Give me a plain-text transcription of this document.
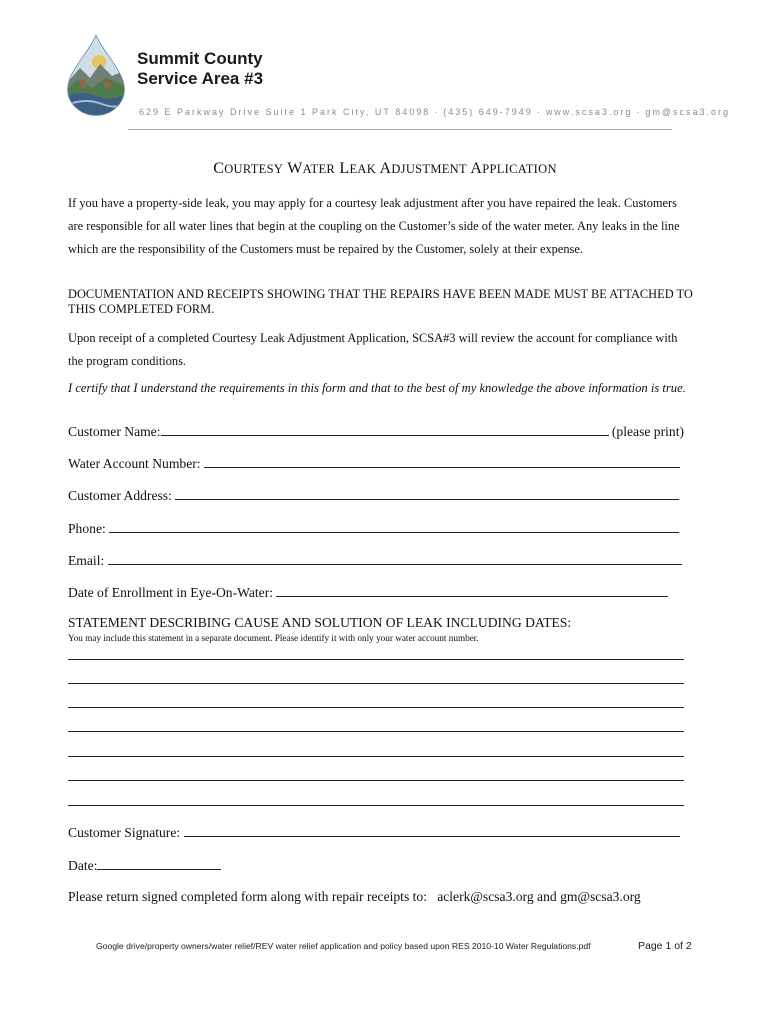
Summit County
Service Area #3
629 E Parkway Drive Suite 1 Park City, UT 84098 · (435) 649-7949 · www.scsa3.org · gm@scsa3.org
COURTESY WATER LEAK ADJUSTMENT APPLICATION
If you have a property-side leak, you may apply for a courtesy leak adjustment after you have repaired the leak. Customers are responsible for all water lines that begin at the coupling on the Customer’s side of the water meter. Any leaks in the line which are the responsibility of the Customers must be repaired by the Customer, solely at their expense.
DOCUMENTATION AND RECEIPTS SHOWING THAT THE REPAIRS HAVE BEEN MADE MUST BE ATTACHED TO THIS COMPLETED FORM.
Upon receipt of a completed Courtesy Leak Adjustment Application, SCSA#3 will review the account for compliance with the program conditions.
I certify that I understand the requirements in this form and that to the best of my knowledge the above information is true.
Customer Name:	(please print)
Water Account Number:
Customer Address:
Phone:
Email:
Date of Enrollment in Eye-On-Water:
STATEMENT DESCRIBING CAUSE AND SOLUTION OF LEAK INCLUDING DATES:
You may include this statement in a separate document. Please identify it with only your water account number.
Customer Signature:
Date:
Please return signed completed form along with repair receipts to: aclerk@scsa3.org and gm@scsa3.org
Google drive/property owners/water relief/REV water relief application and policy based upon RES 2010-10 Water Regulations.pdf	Page 1 of 2
